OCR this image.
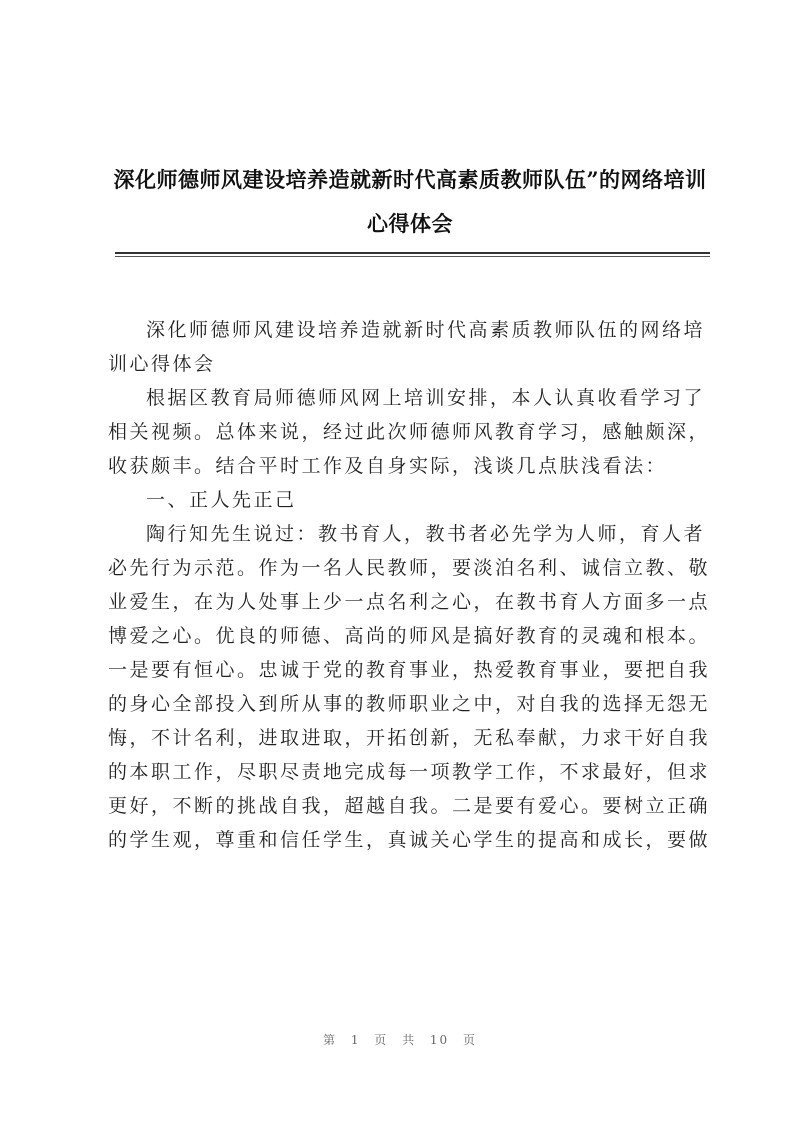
深化师德师风建设培养造就新时代高素质教师队伍”的网络培训
心得体会

深化师德师风建设培养造就新时代高素质教师队伍的网络培
训心得体会

根据区教育局师德师风网上培训安排，本人认真收看学习了
相关视频。总体来说，经过此次师德师风教育学习，感触颇深，
收获颇丰。结合平时工作及自身实际，浅谈几点肤浅看法：

一、正人先正己

陶行知先生说过：教书育人，教书者必先学为人师，育人者
必先行为示范。作为一名人民教师，要淡泊名利、诚信立教、敬
业爱生，在为人处事上少一点名利之心，在教书育人方面多一点
博爱之心。优良的师德、高尚的师风是搞好教育的灵魂和根本。
一是要有恒心。忠诚于党的教育事业，热爱教育事业，要把自我
的身心全部投入到所从事的教师职业之中，对自我的选择无怨无
悔，不计名利，进取进取，开拓创新，无私奉献，力求干好自我
的本职工作，尽职尽责地完成每一项教学工作，不求最好，但求
更好，不断的挑战自我，超越自我。二是要有爱心。要树立正确
的学生观，尊重和信任学生，真诚关心学生的提高和成长，要做

第 1 页 共 10 页
